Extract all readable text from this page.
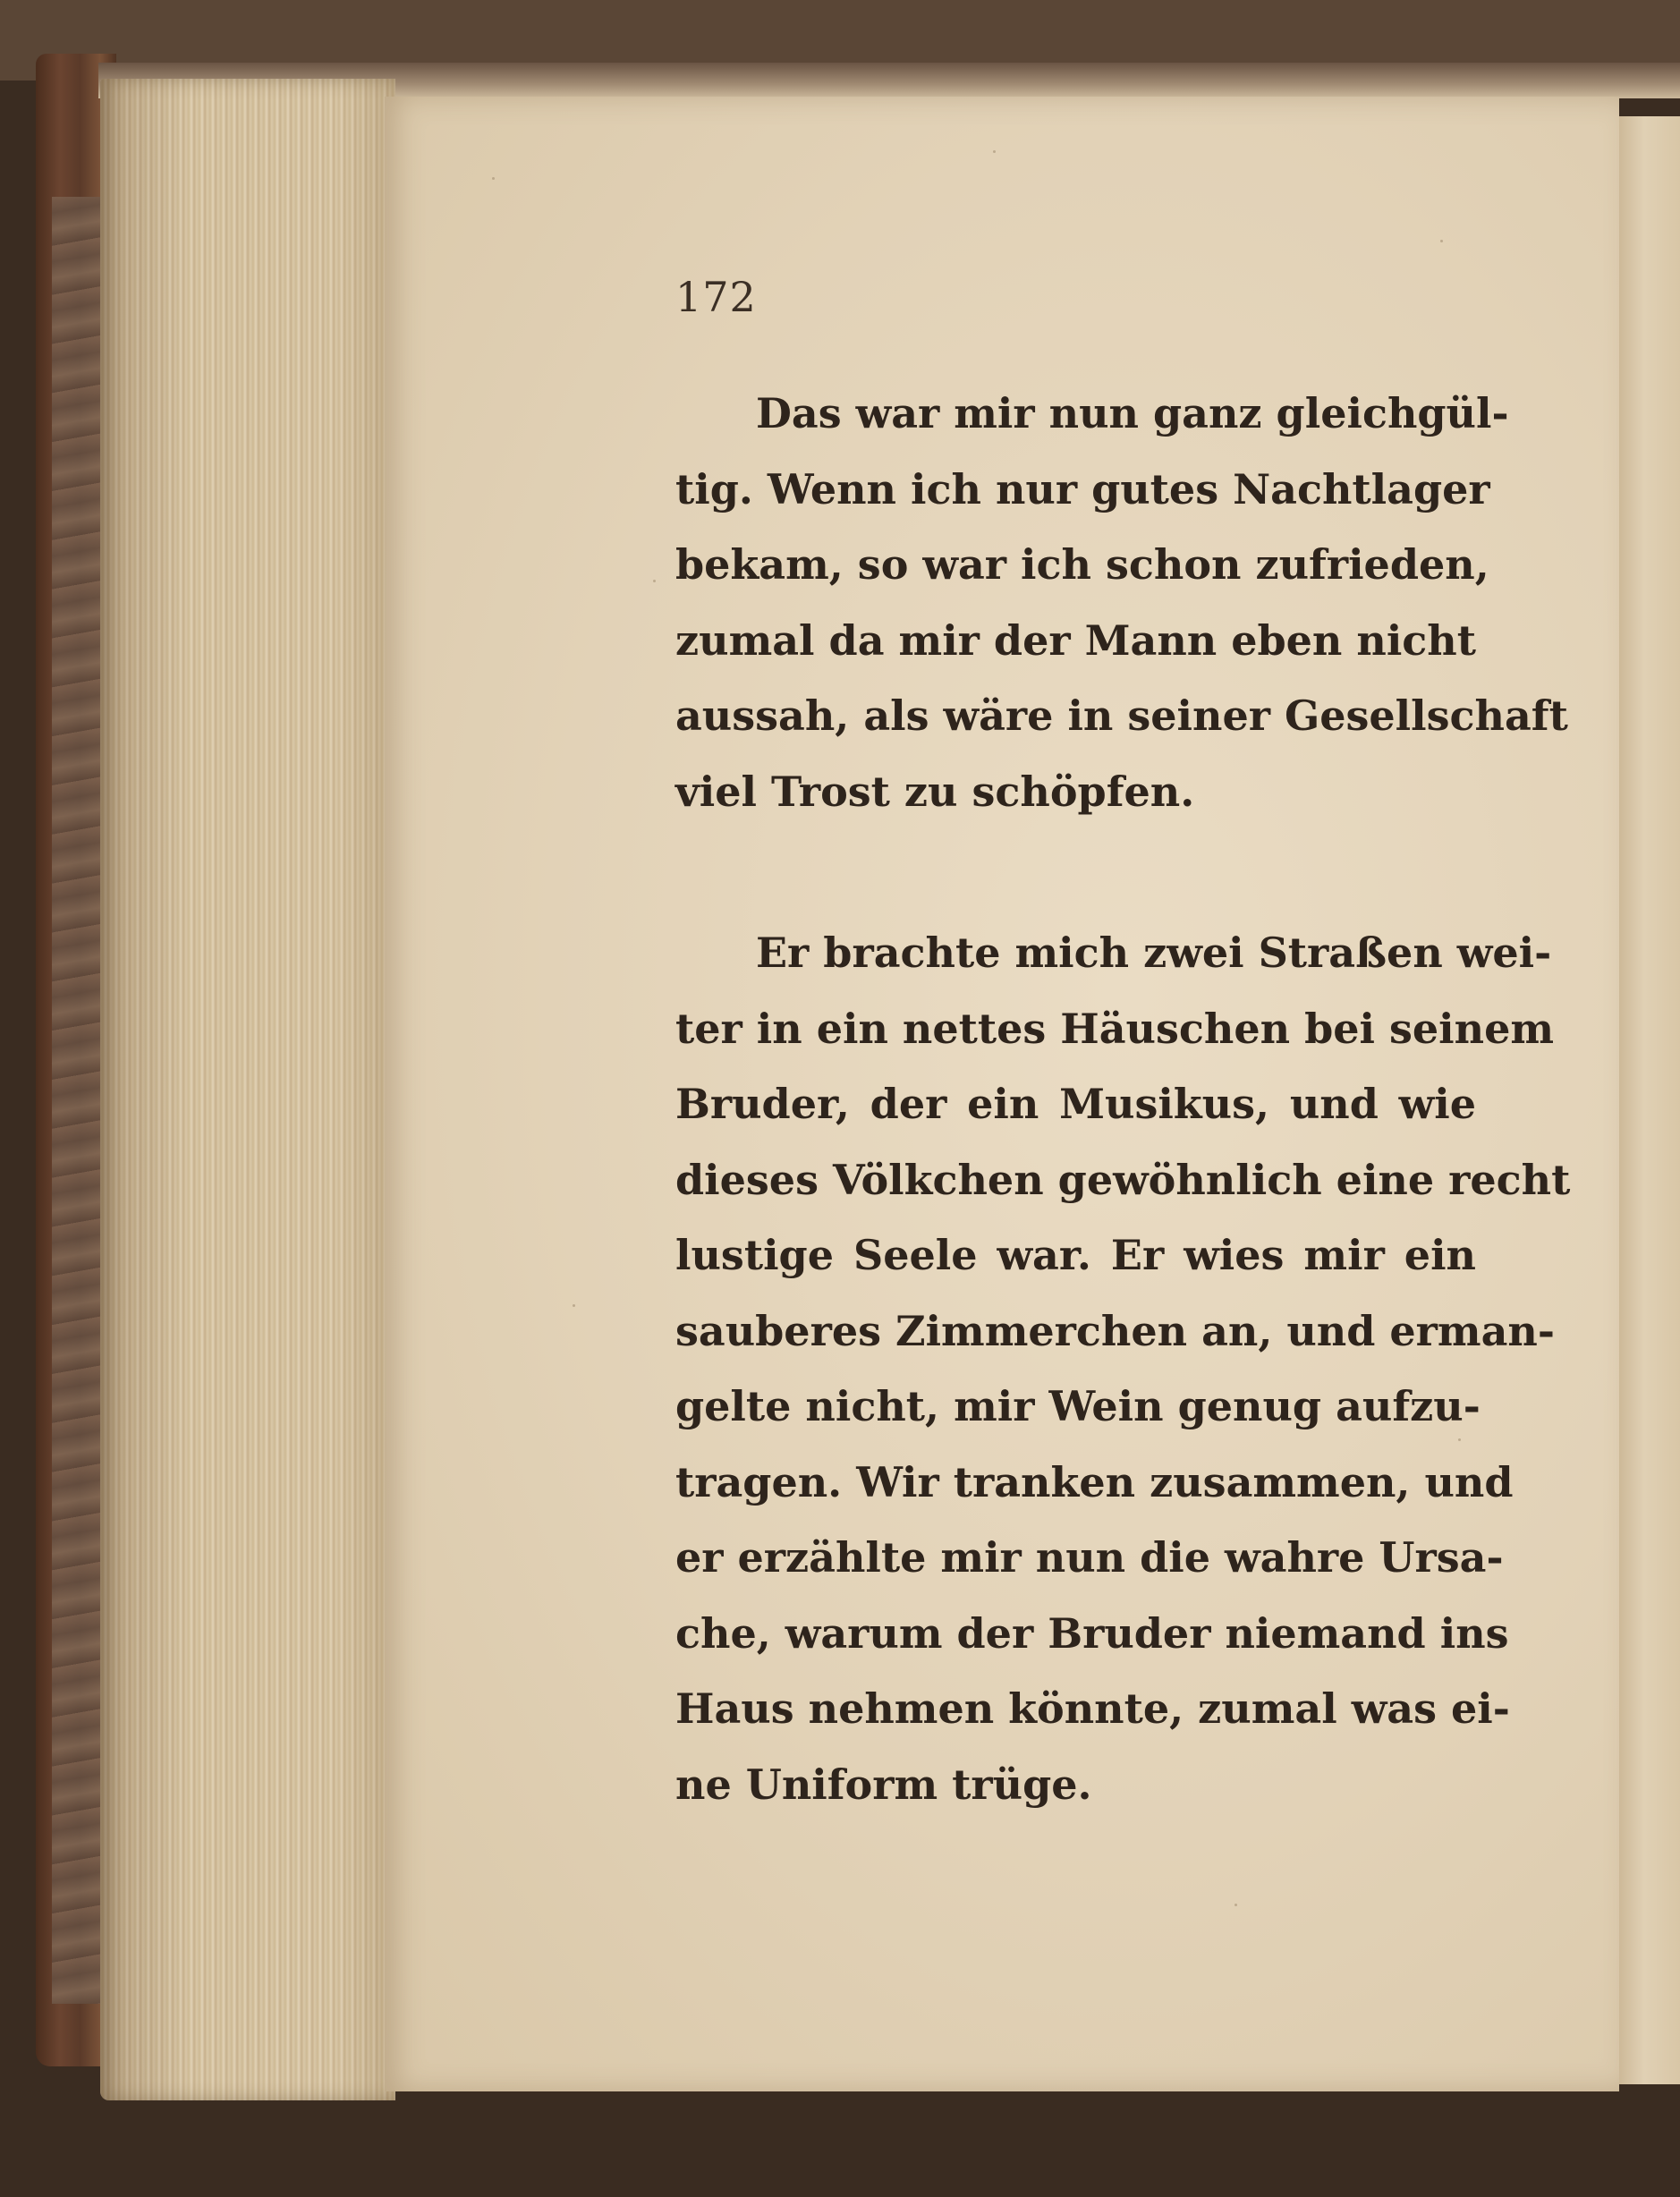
172
Das war mir nun ganz gleichgül-
tig. Wenn ich nur gutes Nachtlager
bekam, so war ich schon zufrieden,
zumal da mir der Mann eben nicht
aussah, als wäre in seiner Gesellschaft
viel Trost zu schöpfen.
Er brachte mich zwei Straßen wei-
ter in ein nettes Häuschen bei seinem
Bruder, der ein Musikus, und wie
dieses Völkchen gewöhnlich eine recht
lustige Seele war. Er wies mir ein
sauberes Zimmerchen an, und erman-
gelte nicht, mir Wein genug aufzu-
tragen. Wir tranken zusammen, und
er erzählte mir nun die wahre Ursa-
che, warum der Bruder niemand ins
Haus nehmen könnte, zumal was ei-
ne Uniform trüge.
